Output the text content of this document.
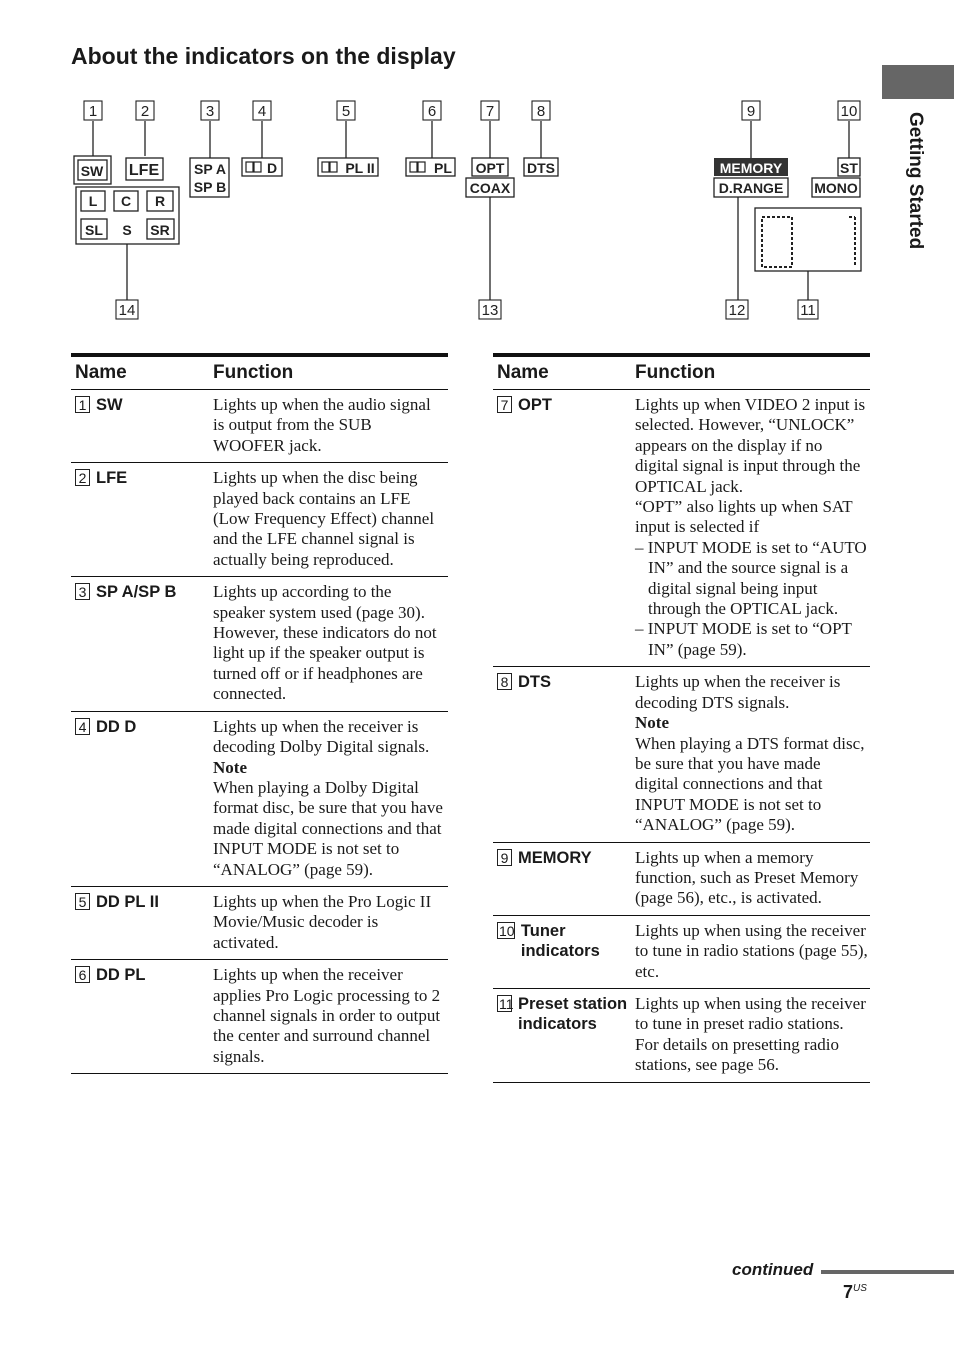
About the indicators on the display
Getting Started
1	2	3	4	5	6	7	8	9	10
11
12
13
14
SW LFE
L C R
SL S SR
SP A
SP B
D	PL II	PL OPT
COAX
DTS	MEMORY
D.RANGE
ST
MONO
01
Name	Function
1 SW	Lights up when the audio signal is output from the SUB WOOFER jack.
2 LFE	Lights up when the disc being played back contains an LFE (Low Frequency Effect) channel and the LFE channel signal is actually being reproduced.
3 SP A/SP B Lights up according to the speaker system used (page 30). However, these indicators do not light up if the speaker output is turned off or if headphones are connected.
4 DD D	Lights up when the receiver is decoding Dolby Digital signals.
Note
When playing a Dolby Digital format disc, be sure that you have made digital connections and that INPUT MODE is not set to “ANALOG” (page 59).
5 DD PL II	Lights up when the Pro Logic II Movie/Music decoder is activated.
6 DD PL	Lights up when the receiver applies Pro Logic processing to 2 channel signals in order to output the center and surround channel signals.
Name	Function
7 OPT	Lights up when VIDEO 2 input is selected. However, “UNLOCK” appears on the display if no digital signal is input through the OPTICAL jack.
“OPT” also lights up when SAT input is selected if
– INPUT MODE is set to “AUTO IN” and the source signal is a digital signal being input through the OPTICAL jack.
– INPUT MODE is set to “OPT IN” (page 59).
8 DTS	Lights up when the receiver is decoding DTS signals.
Note
When playing a DTS format disc, be sure that you have made digital connections and that INPUT MODE is not set to “ANALOG” (page 59).
9 MEMORY	Lights up when a memory function, such as Preset Memory (page 56), etc., is activated.
10 Tuner indicators
Lights up when using the receiver to tune in radio stations (page 55), etc.
11 Preset station indicators
Lights up when using the receiver to tune in preset radio stations. For details on presetting radio stations, see page 56.
continued
$7^{US}$
